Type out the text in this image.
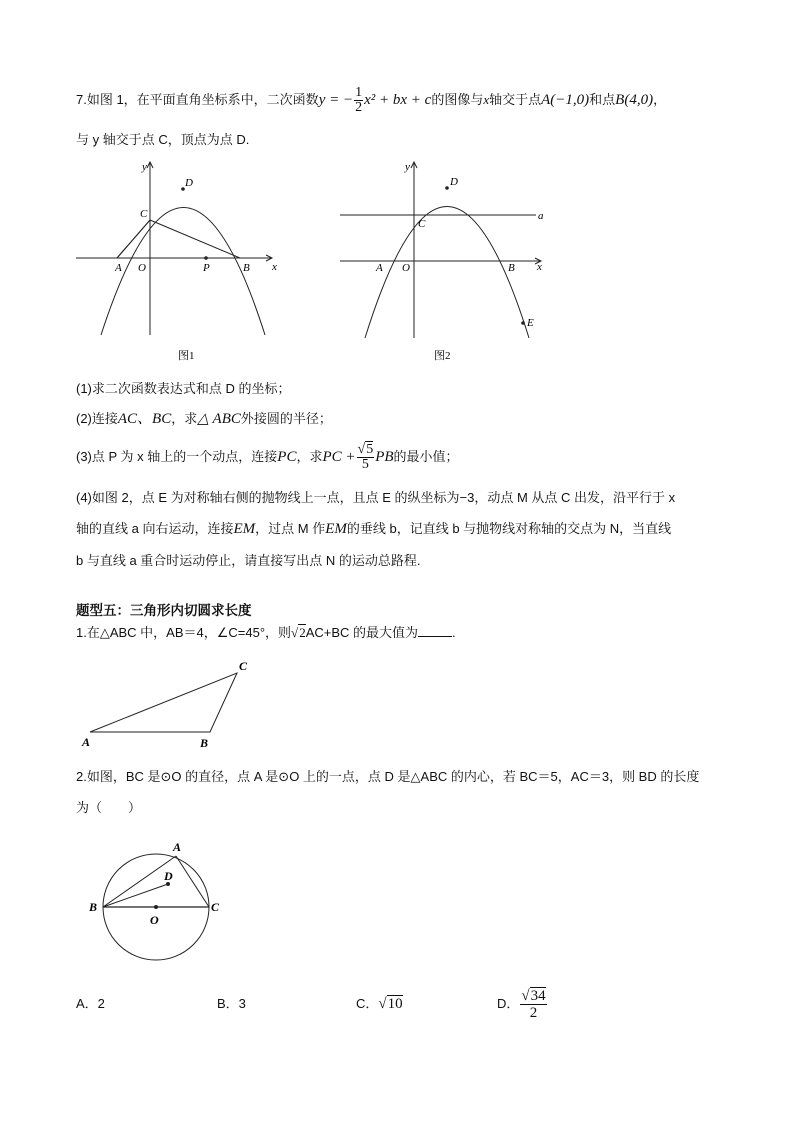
7.如图 1，在平面直角坐标系中，二次函数y = − $\frac{1}{2} x^2$ + bx + c的图像与x轴交于点A(−1,0)和点B(4,0)，
与 y 轴交于点 C，顶点为点 D.
y
x
D
C
A O	P	B
图1
y
x
D
a
C
A O	B
E
图2
(1)求二次函数表达式和点 D 的坐标；
(2)连接AC、BC，求△ ABC外接圆的半径；
(3)点 P 为 x 轴上的一个动点，连接PC，求PC + $\frac{√5}{5}$ PB的最小值；
(4)如图 2，点 E 为对称轴右侧的抛物线上一点，且点 E 的纵坐标为−3，动点 M 从点 C 出发，沿平行于 x
轴的直线 a 向右运动，连接EM，过点 M 作EM的垂线 b，记直线 b 与抛物线对称轴的交点为 N，当直线
b 与直线 a 重合时运动停止，请直接写出点 N 的运动总路程.
题型五：三角形内切圆求长度
1.在△ABC 中，AB＝4，∠C=45°，则√2AC+BC 的最大值为	.
C
A	B
2.如图，BC 是⊙O 的直径，点 A 是⊙O 上的一点，点 D 是△ABC 的内心，若 BC＝5，AC＝3，则 BD 的长度
为（　　）
A
D
B	C
O
A．2	B．3	C．√10	D． $\frac{√34}{2}$
